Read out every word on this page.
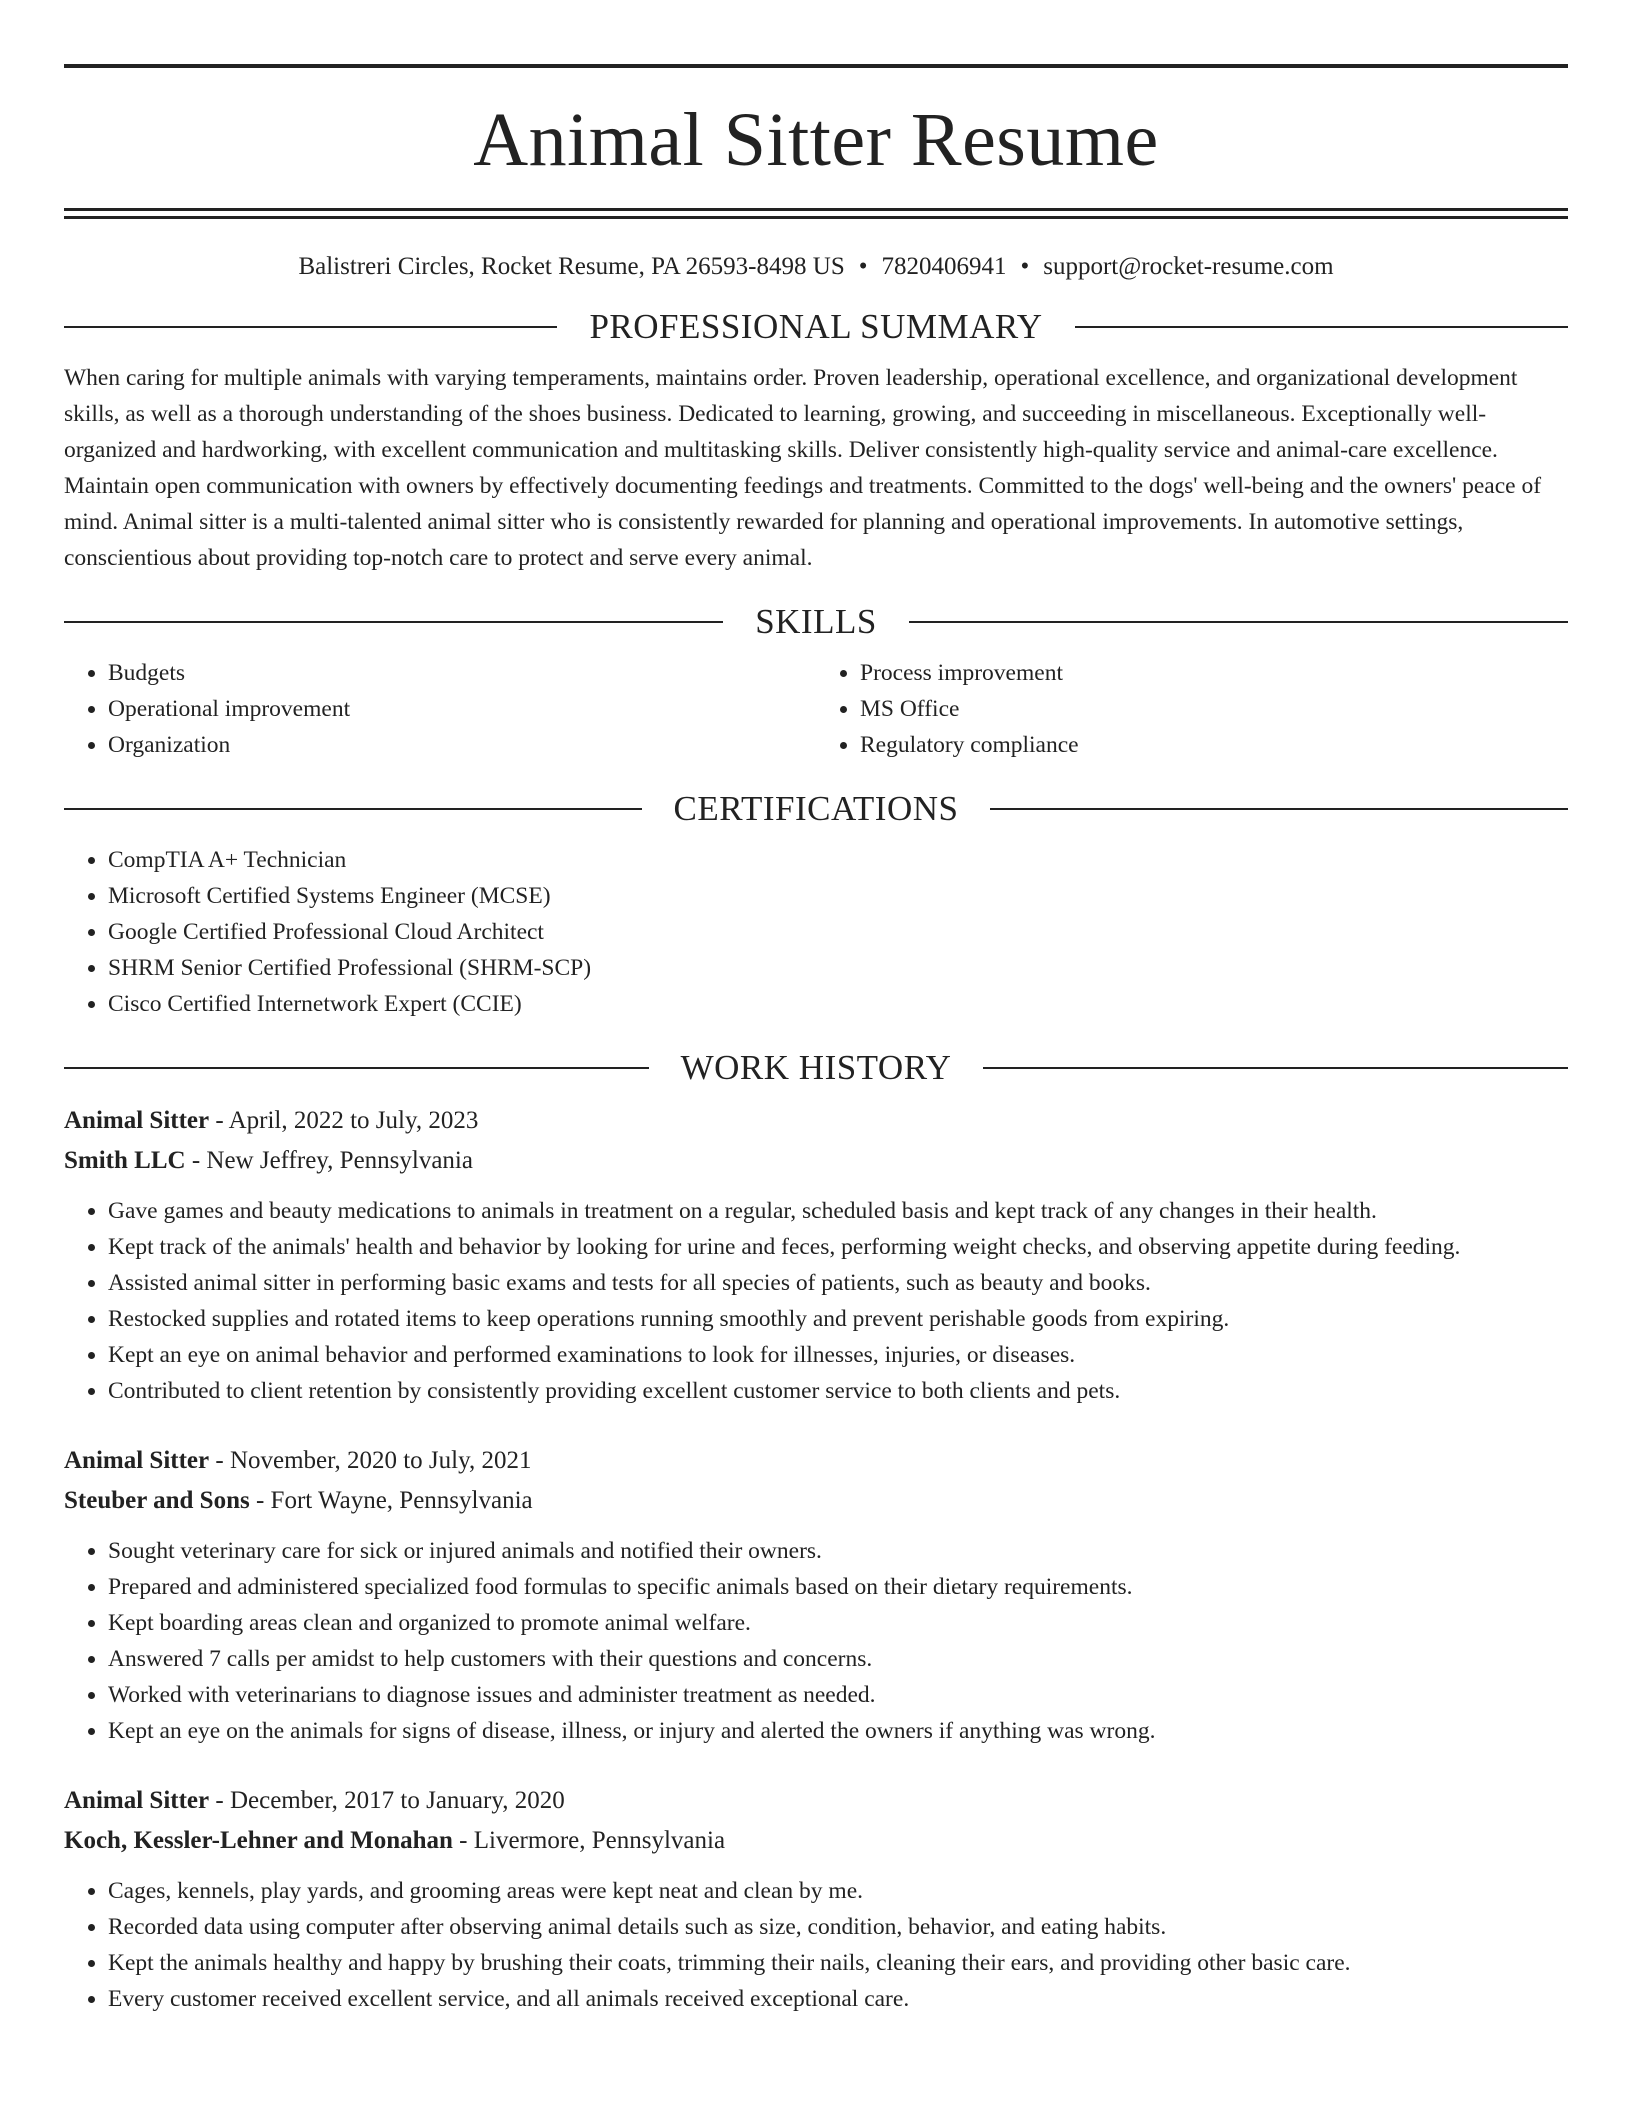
Animal Sitter Resume
Balistreri Circles, Rocket Resume, PA 26593-8498 US • 7820406941 • support@rocket-resume.com
PROFESSIONAL SUMMARY

When caring for multiple animals with varying temperaments, maintains order. Proven leadership, operational excellence, and organizational development skills, as well as a thorough understanding of the shoes business. Dedicated to learning, growing, and succeeding in miscellaneous. Exceptionally well-organized and hardworking, with excellent communication and multitasking skills. Deliver consistently high-quality service and animal-care excellence. Maintain open communication with owners by effectively documenting feedings and treatments. Committed to the dogs' well-being and the owners' peace of mind. Animal sitter is a multi-talented animal sitter who is consistently rewarded for planning and operational improvements. In automotive settings, conscientious about providing top-notch care to protect and serve every animal.

SKILLS
• Budgets
• Operational improvement
• Organization
• Process improvement
• MS Office
• Regulatory compliance
CERTIFICATIONS
• CompTIA A+ Technician
• Microsoft Certified Systems Engineer (MCSE)
• Google Certified Professional Cloud Architect
• SHRM Senior Certified Professional (SHRM-SCP)
• Cisco Certified Internetwork Expert (CCIE)
WORK HISTORY
Animal Sitter - April, 2022 to July, 2023
Smith LLC - New Jeffrey, Pennsylvania
• Gave games and beauty medications to animals in treatment on a regular, scheduled basis and kept track of any changes in their health.
• Kept track of the animals' health and behavior by looking for urine and feces, performing weight checks, and observing appetite during feeding.
• Assisted animal sitter in performing basic exams and tests for all species of patients, such as beauty and books.
• Restocked supplies and rotated items to keep operations running smoothly and prevent perishable goods from expiring.
• Kept an eye on animal behavior and performed examinations to look for illnesses, injuries, or diseases.
• Contributed to client retention by consistently providing excellent customer service to both clients and pets.
Animal Sitter - November, 2020 to July, 2021
Steuber and Sons - Fort Wayne, Pennsylvania
• Sought veterinary care for sick or injured animals and notified their owners.
• Prepared and administered specialized food formulas to specific animals based on their dietary requirements.
• Kept boarding areas clean and organized to promote animal welfare.
• Answered 7 calls per amidst to help customers with their questions and concerns.
• Worked with veterinarians to diagnose issues and administer treatment as needed.
• Kept an eye on the animals for signs of disease, illness, or injury and alerted the owners if anything was wrong.
Animal Sitter - December, 2017 to January, 2020
Koch, Kessler-Lehner and Monahan - Livermore, Pennsylvania
• Cages, kennels, play yards, and grooming areas were kept neat and clean by me.
• Recorded data using computer after observing animal details such as size, condition, behavior, and eating habits.
• Kept the animals healthy and happy by brushing their coats, trimming their nails, cleaning their ears, and providing other basic care.
• Every customer received excellent service, and all animals received exceptional care.
